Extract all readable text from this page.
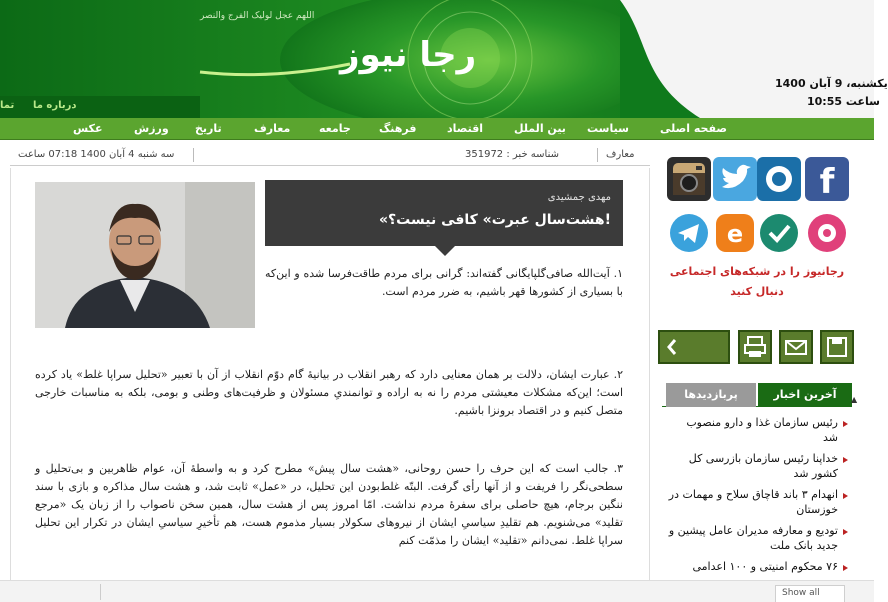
اللهم عجل لولیک الفرج والنصر
رجا نیوز
یکشنبه، 9 آبان 1400
ساعت 10:55
درباره ما
تما
صفحه اصلی
سیاست
بین الملل
اقتصاد
فرهنگ
جامعه
معارف
تاریخ
ورزش
عکس
معارف
شناسه خبر : 351972
سه شنبه 4 آبان 1400 07:18 ساعت
مهدی جمشیدی
«هشت‌سال عبرت» کافی نیست؟!
۱. آیت‌الله صافی‌گلپایگانی گفته‌اند: گرانی برای مردم طاقت‌فرسا شده و این‌که با بسیاری از کشورها قهر باشیم، به ضرر مردم است.
۲. عبارت ایشان، دلالت بر همان معنایی دارد که رهبر انقلاب در بیانیهٔ گام دوّم انقلاب از آن با تعبیر «تحلیل سراپا غلط» یاد کرده است؛ این‌که مشکلات معیشتی مردم را نه به اراده و توانمندیِ مسئولان و ظرفیت‌های وطنی و بومی، بلکه به مناسبات خارجی متصل کنیم و در اقتصاد برونزا باشیم.
۳. جالب است که این حرف را حسن روحانی، «هشت سال پیش» مطرح کرد و به واسطهٔ آن، عوام ظاهربین و بی‌تحلیل و سطحی‌نگر را فریفت و از آنها رأی گرفت. البتّه غلط‌بودن این تحلیل، در «عمل» ثابت شد، و هشت سال مذاکره و بازی با سند ننگین برجام، هیچ حاصلی برای سفرهٔ مردم نداشت. امّا امروز پس از هشت سال، همین سخن ناصواب را از زبان یک «مرجع تقلید» می‌شنویم. هم تقلیدِ سیاسیِ ایشان از نیروهای سکولار بسیار مذموم هست، هم تأخیرِ سیاسیِ ایشان در تکرار این تحلیل سراپا غلط. نمی‌دانم «تقلید» ایشان را مذمّت کنم
f
e
رجانیوز را در شبکه‌های اجتماعی دنبال کنید
آخرین اخبار
پربازدیدها	▲
رئیس سازمان غذا و دارو منصوب شد
خداپنا رئیس سازمان بازرسی کل کشور شد
انهدام ۳ باند قاچاق سلاح و مهمات در خوزستان
تودیع و معارفه مدیران عامل پیشین و جدید بانک ملت
۷۶ محکوم امنیتی و ۱۰۰ اعدامی
Show all
